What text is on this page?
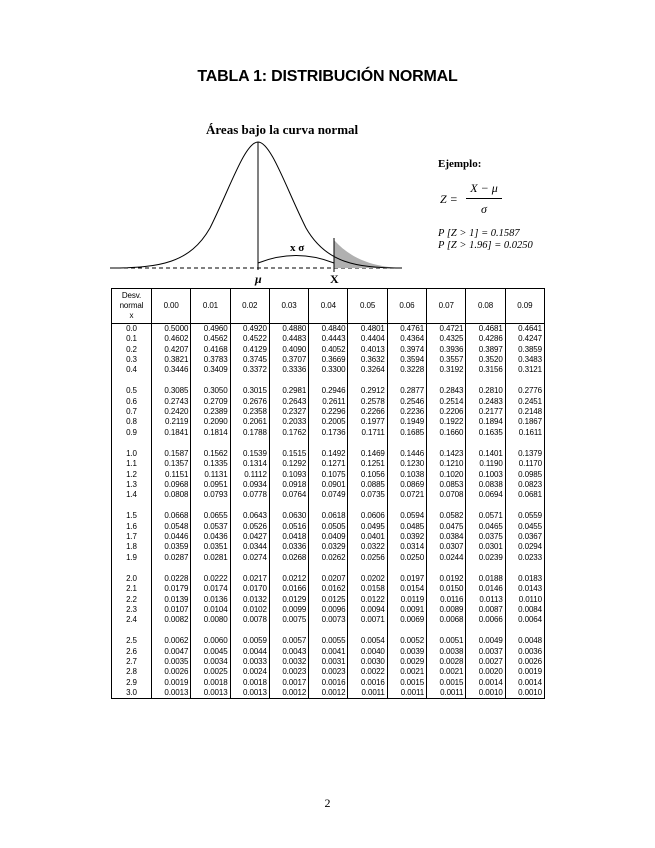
TABLA 1: DISTRIBUCIÓN NORMAL
Áreas bajo la curva normal
x σ
μ	X
Ejemplo:
Z =
X − μ
σ
P [Z > 1] = 0.1587
P [Z > 1.96] = 0.0250
Desv.
normal
x	0.00	0.01	0.02	0.03	0.04	0.05	0.06	0.07	0.08	0.09
0.0	0.5000	0.4960	0.4920	0.4880	0.4840	0.4801	0.4761	0.4721	0.4681	0.4641
0.1	0.4602	0.4562	0.4522	0.4483	0.4443	0.4404	0.4364	0.4325	0.4286	0.4247
0.2	0.4207	0.4168	0.4129	0.4090	0.4052	0.4013	0.3974	0.3936	0.3897	0.3859
0.3	0.3821	0.3783	0.3745	0.3707	0.3669	0.3632	0.3594	0.3557	0.3520	0.3483
0.4	0.3446	0.3409	0.3372	0.3336	0.3300	0.3264	0.3228	0.3192	0.3156	0.3121

0.5	0.3085	0.3050	0.3015	0.2981	0.2946	0.2912	0.2877	0.2843	0.2810	0.2776
0.6	0.2743	0.2709	0.2676	0.2643	0.2611	0.2578	0.2546	0.2514	0.2483	0.2451
0.7	0.2420	0.2389	0.2358	0.2327	0.2296	0.2266	0.2236	0.2206	0.2177	0.2148
0.8	0.2119	0.2090	0.2061	0.2033	0.2005	0.1977	0.1949	0.1922	0.1894	0.1867
0.9	0.1841	0.1814	0.1788	0.1762	0.1736	0.1711	0.1685	0.1660	0.1635	0.1611

1.0	0.1587	0.1562	0.1539	0.1515	0.1492	0.1469	0.1446	0.1423	0.1401	0.1379
1.1	0.1357	0.1335	0.1314	0.1292	0.1271	0.1251	0.1230	0.1210	0.1190	0.1170
1.2	0.1151	0.1131	0.1112	0.1093	0.1075	0.1056	0.1038	0.1020	0.1003	0.0985
1.3	0.0968	0.0951	0.0934	0.0918	0.0901	0.0885	0.0869	0.0853	0.0838	0.0823
1.4	0.0808	0.0793	0.0778	0.0764	0.0749	0.0735	0.0721	0.0708	0.0694	0.0681

1.5	0.0668	0.0655	0.0643	0.0630	0.0618	0.0606	0.0594	0.0582	0.0571	0.0559
1.6	0.0548	0.0537	0.0526	0.0516	0.0505	0.0495	0.0485	0.0475	0.0465	0.0455
1.7	0.0446	0.0436	0.0427	0.0418	0.0409	0.0401	0.0392	0.0384	0.0375	0.0367
1.8	0.0359	0.0351	0.0344	0.0336	0.0329	0.0322	0.0314	0.0307	0.0301	0.0294
1.9	0.0287	0.0281	0.0274	0.0268	0.0262	0.0256	0.0250	0.0244	0.0239	0.0233

2.0	0.0228	0.0222	0.0217	0.0212	0.0207	0.0202	0.0197	0.0192	0.0188	0.0183
2.1	0.0179	0.0174	0.0170	0.0166	0.0162	0.0158	0.0154	0.0150	0.0146	0.0143
2.2	0.0139	0.0136	0.0132	0.0129	0.0125	0.0122	0.0119	0.0116	0.0113	0.0110
2.3	0.0107	0.0104	0.0102	0.0099	0.0096	0.0094	0.0091	0.0089	0.0087	0.0084
2.4	0.0082	0.0080	0.0078	0.0075	0.0073	0.0071	0.0069	0.0068	0.0066	0.0064

2.5	0.0062	0.0060	0.0059	0.0057	0.0055	0.0054	0.0052	0.0051	0.0049	0.0048
2.6	0.0047	0.0045	0.0044	0.0043	0.0041	0.0040	0.0039	0.0038	0.0037	0.0036
2.7	0.0035	0.0034	0.0033	0.0032	0.0031	0.0030	0.0029	0.0028	0.0027	0.0026
2.8	0.0026	0.0025	0.0024	0.0023	0.0023	0.0022	0.0021	0.0021	0.0020	0.0019
2.9	0.0019	0.0018	0.0018	0.0017	0.0016	0.0016	0.0015	0.0015	0.0014	0.0014
3.0	0.0013	0.0013	0.0013	0.0012	0.0012	0.0011	0.0011	0.0011	0.0010	0.0010
2
